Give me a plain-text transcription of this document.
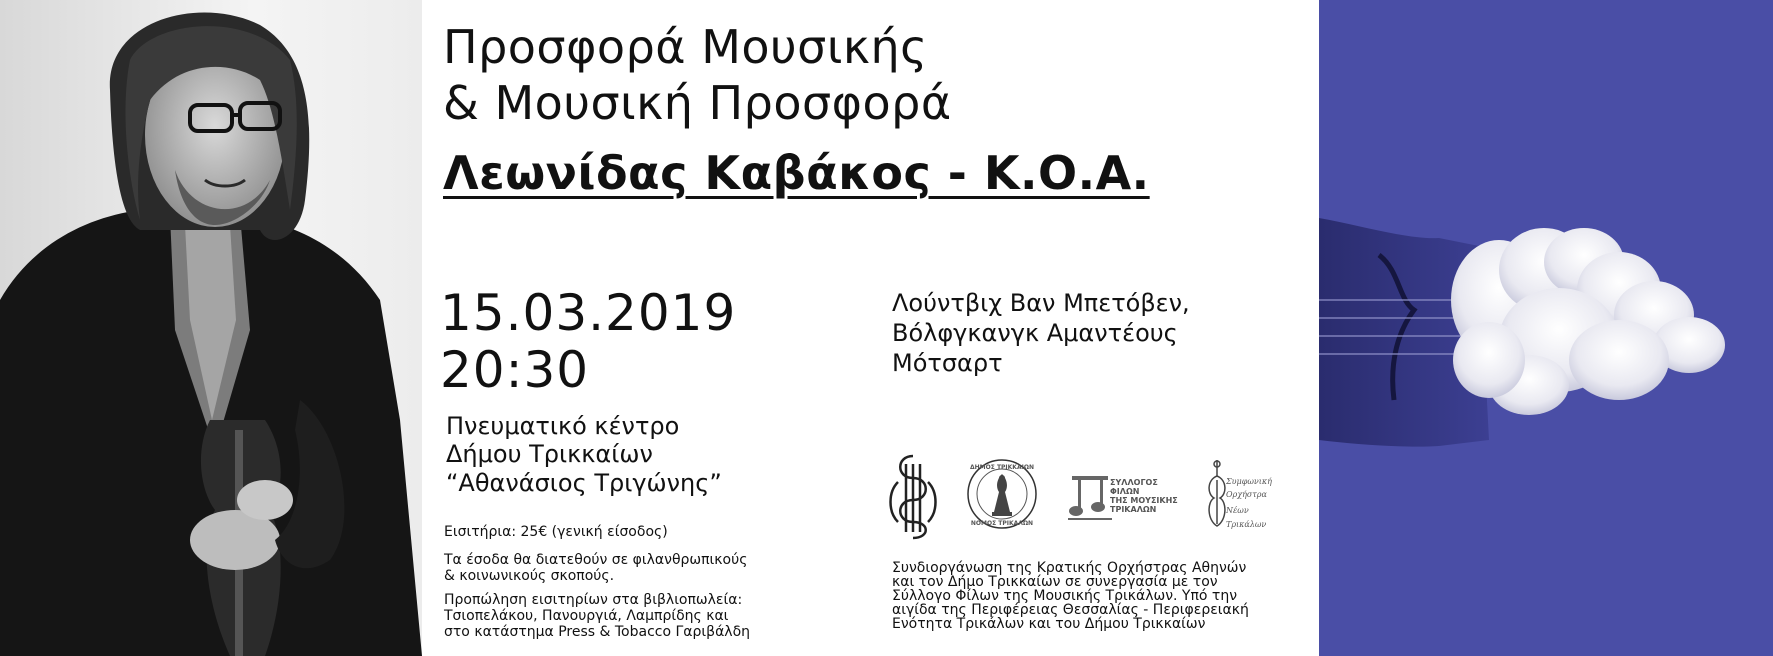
Προσφορά Μουσικής
& Μουσική Προσφορά
Λεωνίδας Καβάκος - Κ.Ο.Α.
15.03.2019
20:30
Πνευματικό κέντρο
Δήμου Τρικκαίων
“Αθανάσιος Τριγώνης”
Εισιτήρια: 25€ (γενική είσοδος)
Τα έσοδα θα διατεθούν σε φιλανθρωπικούς
& κοινωνικούς σκοπούς.
Προπώληση εισιτηρίων στα βιβλιοπωλεία:
Τσιοπελάκου, Πανουργιά, Λαμπρίδης και
στο κατάστημα Press & Tobacco Γαριβάλδη
Λούντβιχ Βαν Μπετόβεν,
Βόλφγκανγκ Αμαντέους
Μότσαρτ
ΔΗΜΟΣ ΤΡΙΚΚΑΙΩΝ
ΝΟΜΟΣ ΤΡΙΚΑΛΩΝ
ΣΥΛΛΟΓΟΣ
ΦΙΛΩΝ
ΤΗΣ ΜΟΥΣΙΚΗΣ
ΤΡΙΚΑΛΩΝ
Συμφωνική
Ορχήστρα
Νέων
Τρικάλων
Συνδιοργάνωση της Κρατικής Ορχήστρας Αθηνών
και τον Δήμο Τρικκαίων σε συνεργασία με τον
Σύλλογο Φίλων της Μουσικής Τρικάλων. Υπό την
αιγίδα της Περιφέρειας Θεσσαλίας - Περιφερειακή
Ενότητα Τρικάλων και του Δήμου Τρικκαίων
